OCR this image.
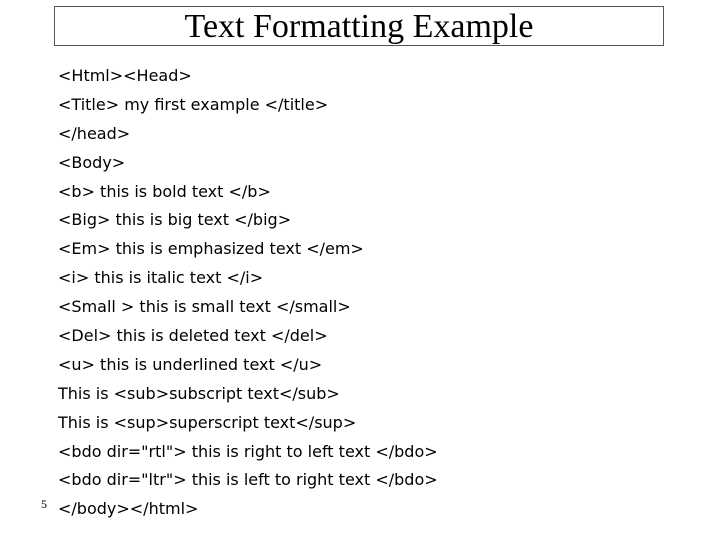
Text Formatting Example
<Html><Head>
<Title> my first example </title>
</head>
<Body>
<b> this is bold text </b>
<Big> this is big text </big>
<Em> this is emphasized text </em>
<i> this is italic text </i>
<Small > this is small text </small>
<Del> this is deleted text </del>
<u> this is underlined text </u>
This is <sub>subscript text</sub>
This is <sup>superscript text</sup>
<bdo dir="rtl"> this is right to left text </bdo>
<bdo dir="ltr"> this is left to right text </bdo>
</body></html>
5
